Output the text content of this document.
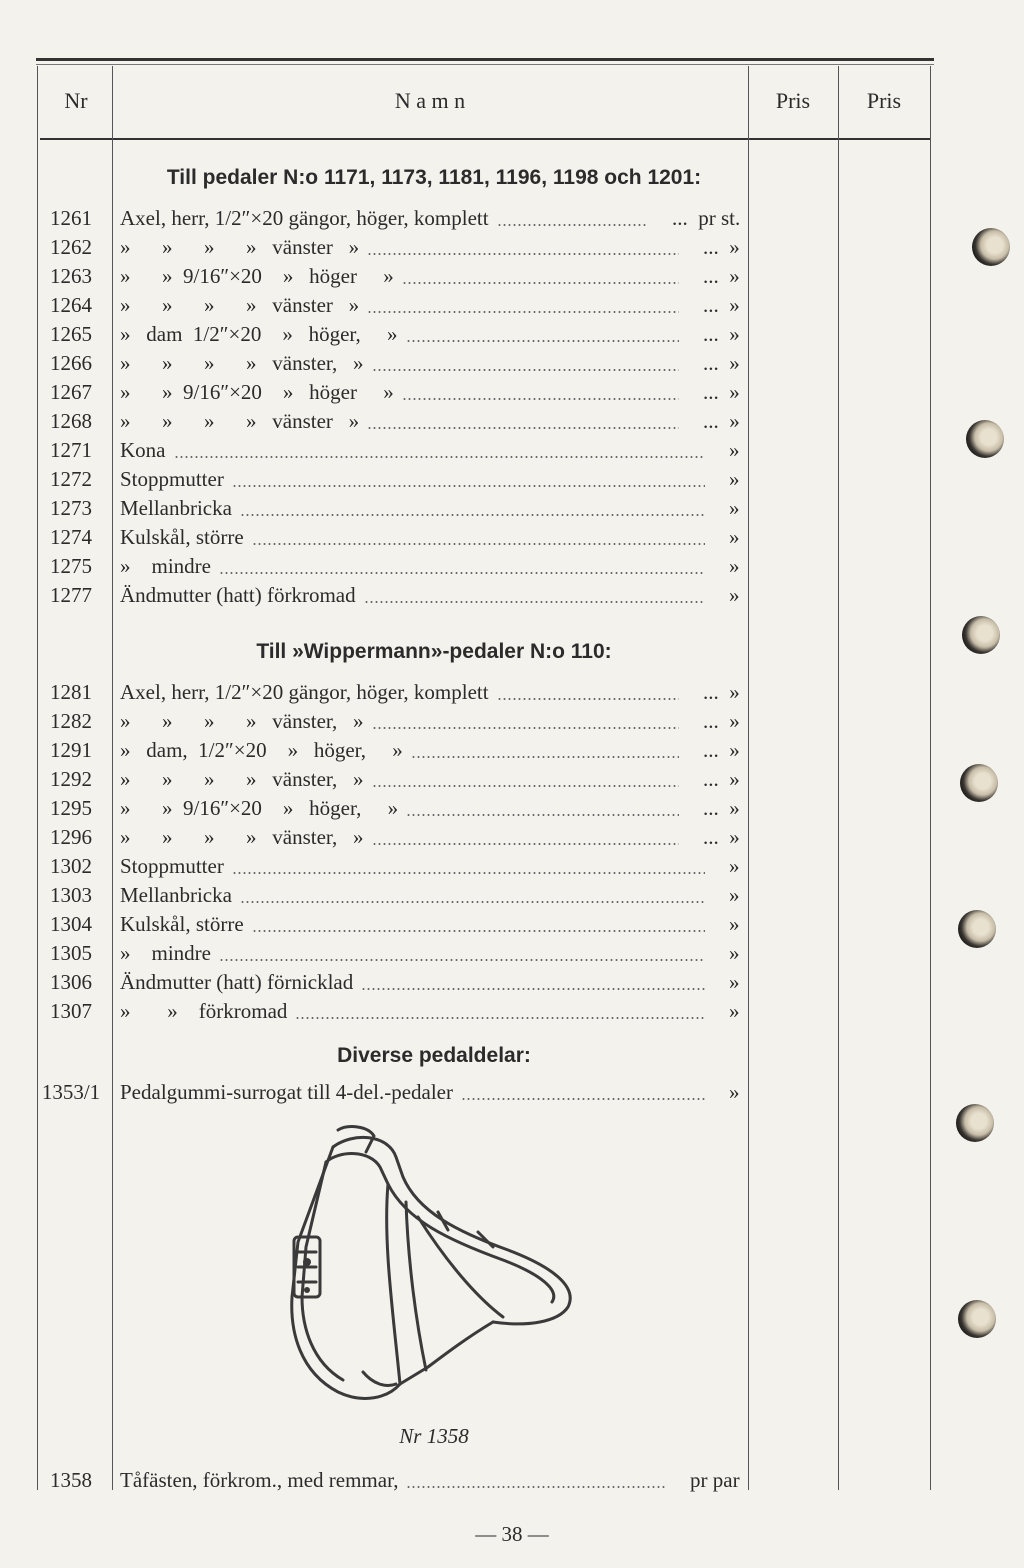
Nr	N a m n	Pris	Pris
Till pedaler N:o 1171, 1173, 1181, 1196, 1198 och 1201:
Till »Wippermann»-pedaler N:o 110:
Diverse pedaldelar:
1261	Axel, herr, 1/2″×20 gängor, höger, komplett	... pr st.
1262	»      »      »      »   vänster   »	... »
1263	»      »  9/16″×20    »   höger     »	... »
1264	»      »      »      »   vänster   »	... »
1265	»   dam  1/2″×20    »   höger,     »	... »
1266	»      »      »      »   vänster,   »	... »
1267	»      »  9/16″×20    »   höger     »	... »
1268	»      »      »      »   vänster   »	... »
1271	Kona	»
1272	Stoppmutter	»
1273	Mellanbricka	»
1274	Kulskål, större	»
1275	»    mindre	»
1277	Ändmutter (hatt) förkromad	»
1281	Axel, herr, 1/2″×20 gängor, höger, komplett	... »
1282	»      »      »      »   vänster,   »	... »
1291	»   dam,  1/2″×20    »   höger,     »	... »
1292	»      »      »      »   vänster,   »	... »
1295	»      »  9/16″×20    »   höger,     »	... »
1296	»      »      »      »   vänster,   »	... »
1302	Stoppmutter	»
1303	Mellanbricka	»
1304	Kulskål, större	»
1305	»    mindre	»
1306	Ändmutter (hatt) förnicklad	»
1307	»       »    förkromad	»
1353/1 Pedalgummi-surrogat till 4-del.-pedaler	»
1358	Tåfästen, förkrom., med remmar,	pr par
Nr 1358
— 38 —
